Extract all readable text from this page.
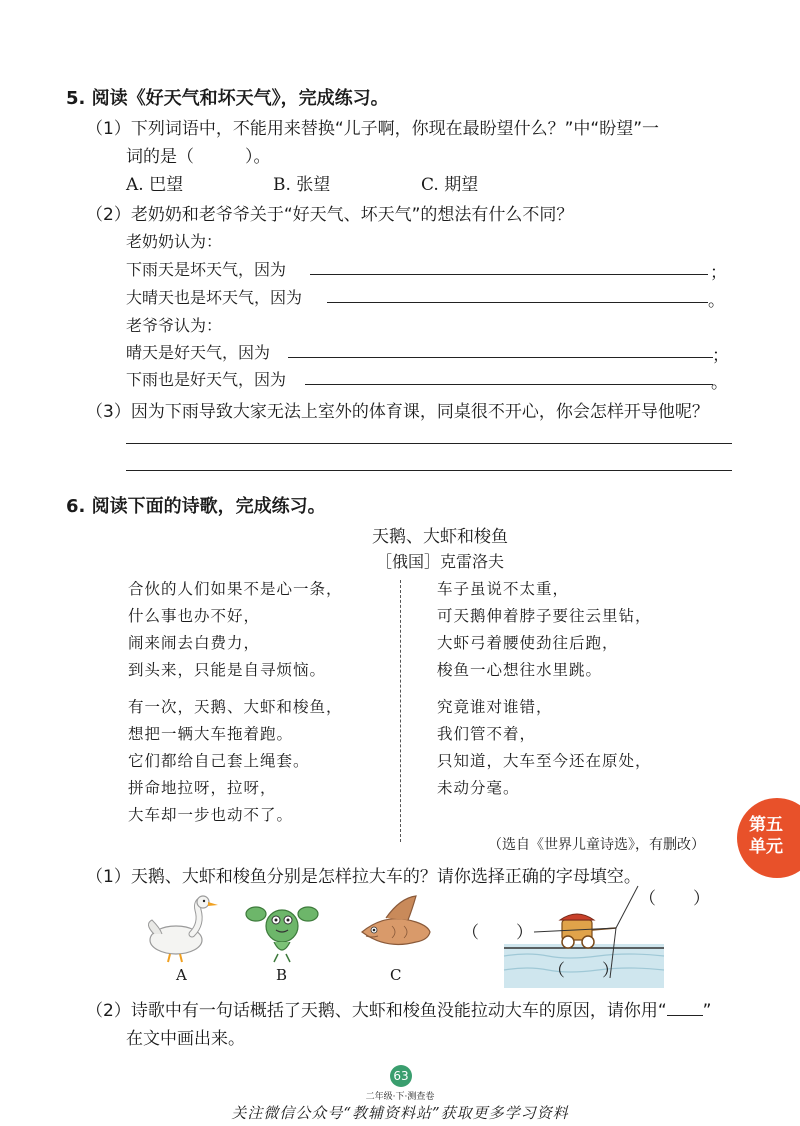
5. 阅读《好天气和坏天气》，完成练习。
（1）下列词语中，不能用来替换“儿子啊，你现在最盼望什么？”中“盼望”一
词的是（　　　）。
A. 巴望	B. 张望	C. 期望
（2）老奶奶和老爷爷关于“好天气、坏天气”的想法有什么不同？
老奶奶认为：
下雨天是坏天气，因为	；
大晴天也是坏天气，因为	。
老爷爷认为：
晴天是好天气，因为	；
下雨也是好天气，因为	。
（3）因为下雨导致大家无法上室外的体育课，同桌很不开心，你会怎样开导他呢？
6. 阅读下面的诗歌，完成练习。
天鹅、大虾和梭鱼
［俄国］克雷洛夫
合伙的人们如果不是心一条，
什么事也办不好，
闹来闹去白费力，
到头来，只能是自寻烦恼。
有一次，天鹅、大虾和梭鱼，
想把一辆大车拖着跑。
它们都给自己套上绳套。
拼命地拉呀，拉呀，
大车却一步也动不了。
车子虽说不太重，
可天鹅伸着脖子要往云里钻，
大虾弓着腰使劲往后跑，
梭鱼一心想往水里跳。
究竟谁对谁错，
我们管不着，
只知道，大车至今还在原处，
未动分毫。
（选自《世界儿童诗选》，有删改）
第五
单元
（1）天鹅、大虾和梭鱼分别是怎样拉大车的？请你选择正确的字母填空。
A	B	C
（
（　　）
）
（　　）
（2）诗歌中有一句话概括了天鹅、大虾和梭鱼没能拉动大车的原因，请你用“ ”
在文中画出来。
63
二年级·下·测查卷
关注微信公众号“教辅资料站”获取更多学习资料
